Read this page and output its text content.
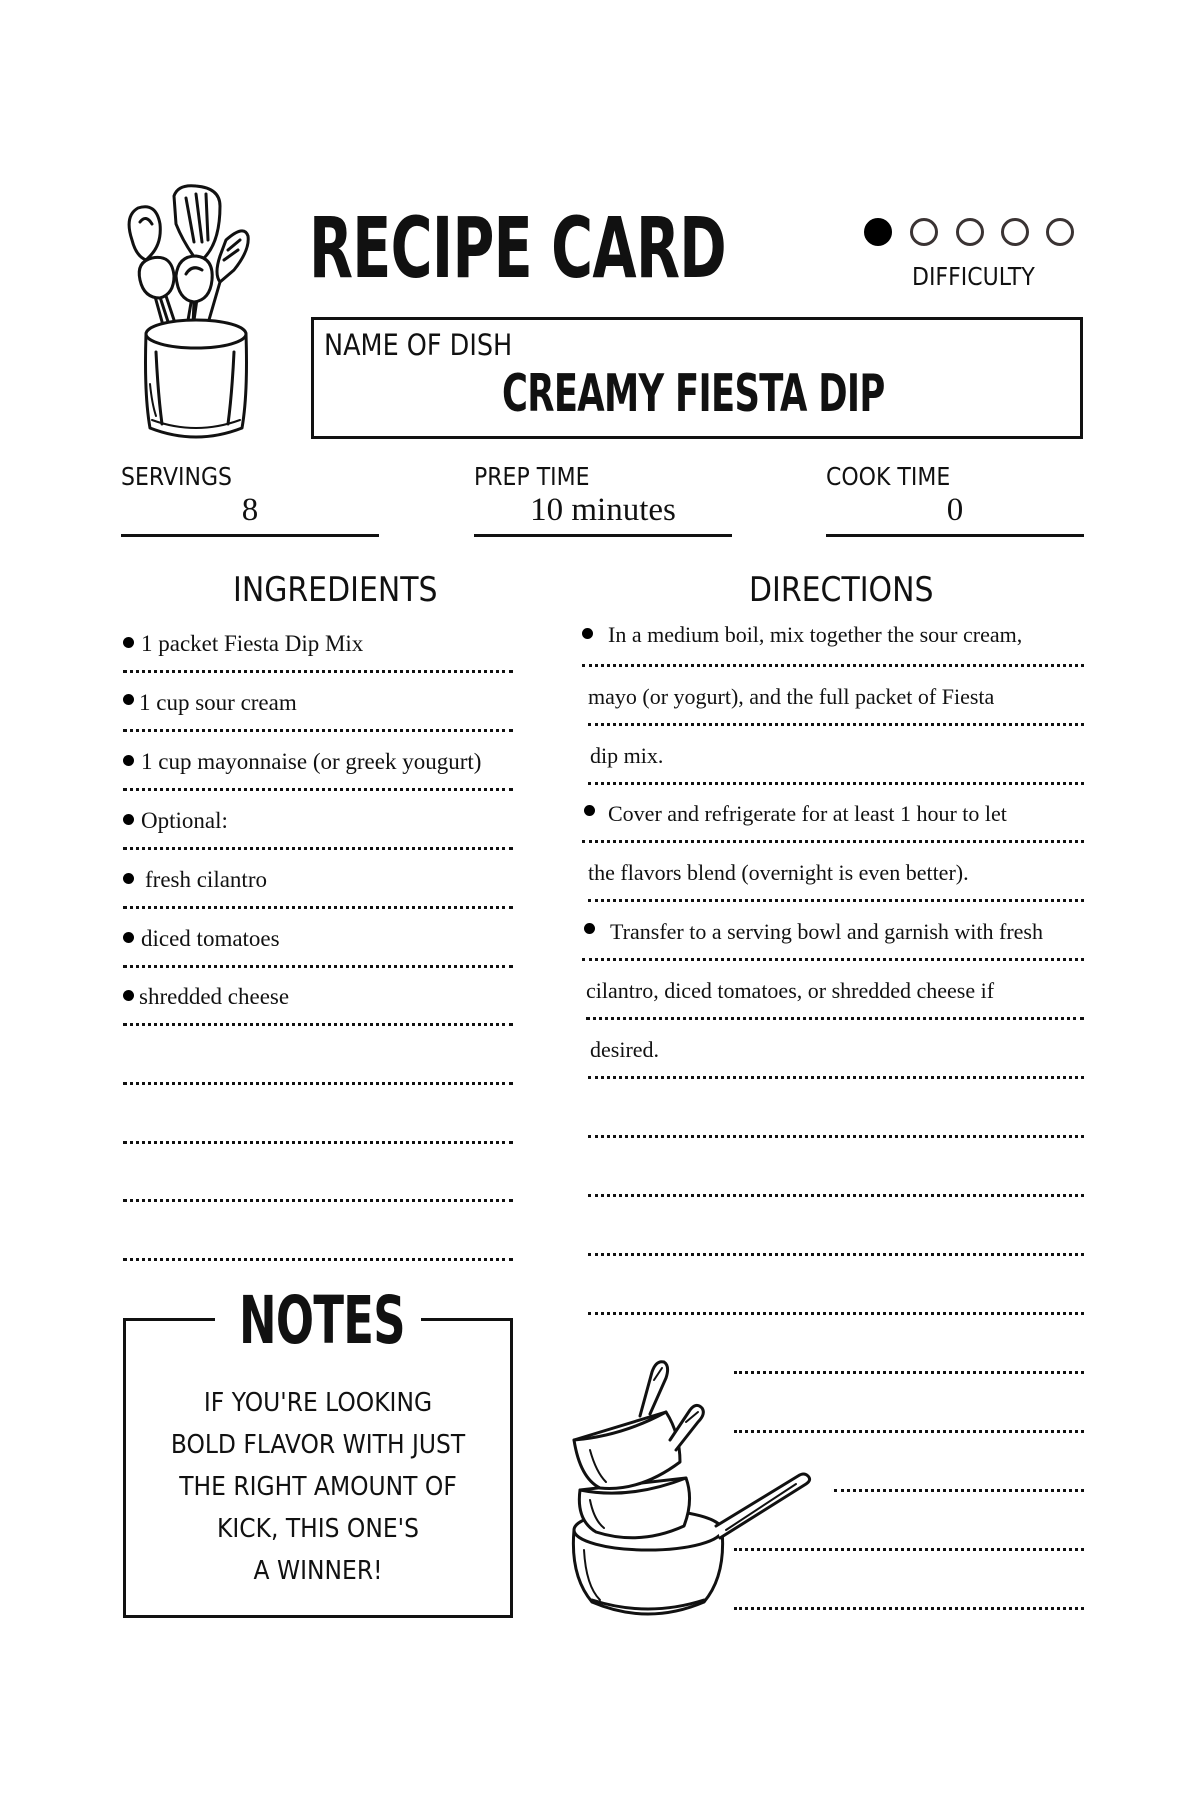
RECIPE CARD	DIFFICULTY
NAME OF DISH
CREAMY FIESTA DIP
SERVINGS
8
PREP TIME
10 minutes
COOK TIME
0
INGREDIENTS	DIRECTIONS
1 packet Fiesta Dip Mix
1 cup sour cream
1 cup mayonnaise (or greek yougurt)
Optional:
fresh cilantro
diced tomatoes
shredded cheese
In a medium boil, mix together the sour cream,
mayo (or yogurt), and the full packet of Fiesta
dip mix.
Cover and refrigerate for at least 1 hour to let
the flavors blend (overnight is even better).
Transfer to a serving bowl and garnish with fresh
cilantro, diced tomatoes, or shredded cheese if
desired.
NOTES
IF YOU'RE LOOKING
BOLD FLAVOR WITH JUST
THE RIGHT AMOUNT OF
KICK, THIS ONE'S
A WINNER!
